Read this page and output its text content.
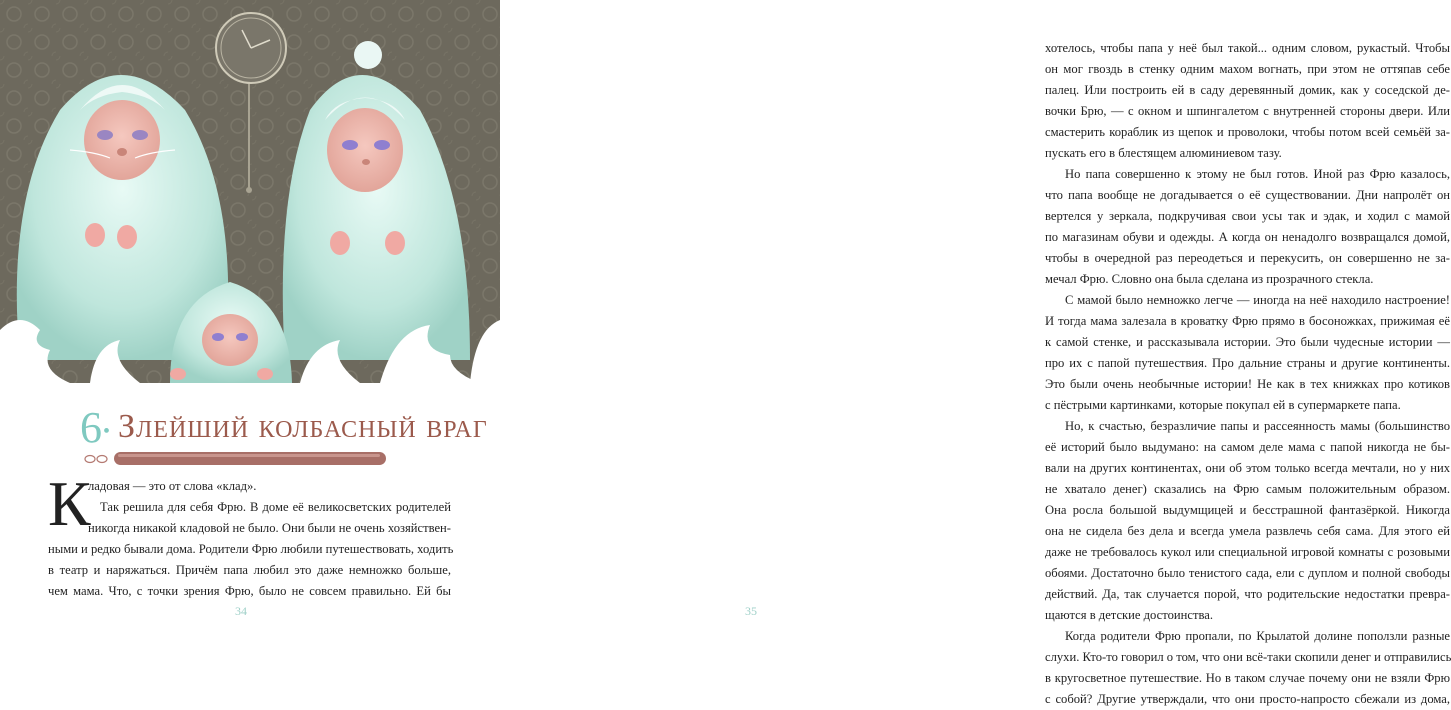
6• Злейший колбасный враг
К
ладовая — это от слова «клад».
Так решила для себя Фрю. В доме её великосветских родителей
никогда никакой кладовой не было. Они были не очень хозяйствен-
ными и редко бывали дома. Родители Фрю любили путешествовать, ходить
в театр и наряжаться. Причём папа любил это даже немножко больше,
чем мама. Что, с точки зрения Фрю, было не совсем правильно. Ей бы
34
хотелось, чтобы папа у неё был такой... одним словом, рукастый. Чтобы
он мог гвоздь в стенку одним махом вогнать, при этом не оттяпав себе
палец. Или построить ей в саду деревянный домик, как у соседской де-
вочки Брю, — с окном и шпингалетом с внутренней стороны двери. Или
смастерить кораблик из щепок и проволоки, чтобы потом всей семьёй за-
пускать его в блестящем алюминиевом тазу.
Но папа совершенно к этому не был готов. Иной раз Фрю казалось,
что папа вообще не догадывается о её существовании. Дни напролёт он
вертелся у зеркала, подкручивая свои усы так и эдак, и ходил с мамой
по магазинам обуви и одежды. А когда он ненадолго возвращался домой,
чтобы в очередной раз переодеться и перекусить, он совершенно не за-
мечал Фрю. Словно она была сделана из прозрачного стекла.
С мамой было немножко легче — иногда на неё находило настроение!
И тогда мама залезала в кроватку Фрю прямо в босоножках, прижимая её
к самой стенке, и рассказывала истории. Это были чудесные истории —
про их с папой путешествия. Про дальние страны и другие континенты.
Это были очень необычные истории! Не как в тех книжках про котиков
с пёстрыми картинками, которые покупал ей в супермаркете папа.
Но, к счастью, безразличие папы и рассеянность мамы (большинство
её историй было выдумано: на самом деле мама с папой никогда не бы-
вали на других континентах, они об этом только всегда мечтали, но у них
не хватало денег) сказались на Фрю самым положительным образом.
Она росла большой выдумщицей и бесстрашной фантазёркой. Никогда
она не сидела без дела и всегда умела развлечь себя сама. Для этого ей
даже не требовалось кукол или специальной игровой комнаты с розовыми
обоями. Достаточно было тенистого сада, ели с дуплом и полной свободы
действий. Да, так случается порой, что родительские недостатки превра-
щаются в детские достоинства.
Когда родители Фрю пропали, по Крылатой долине поползли разные
слухи. Кто-то говорил о том, что они всё-таки скопили денег и отправились
в кругосветное путешествие. Но в таком случае почему они не взяли Фрю
с собой? Другие утверждали, что они просто-напросто сбежали из дома,
35
